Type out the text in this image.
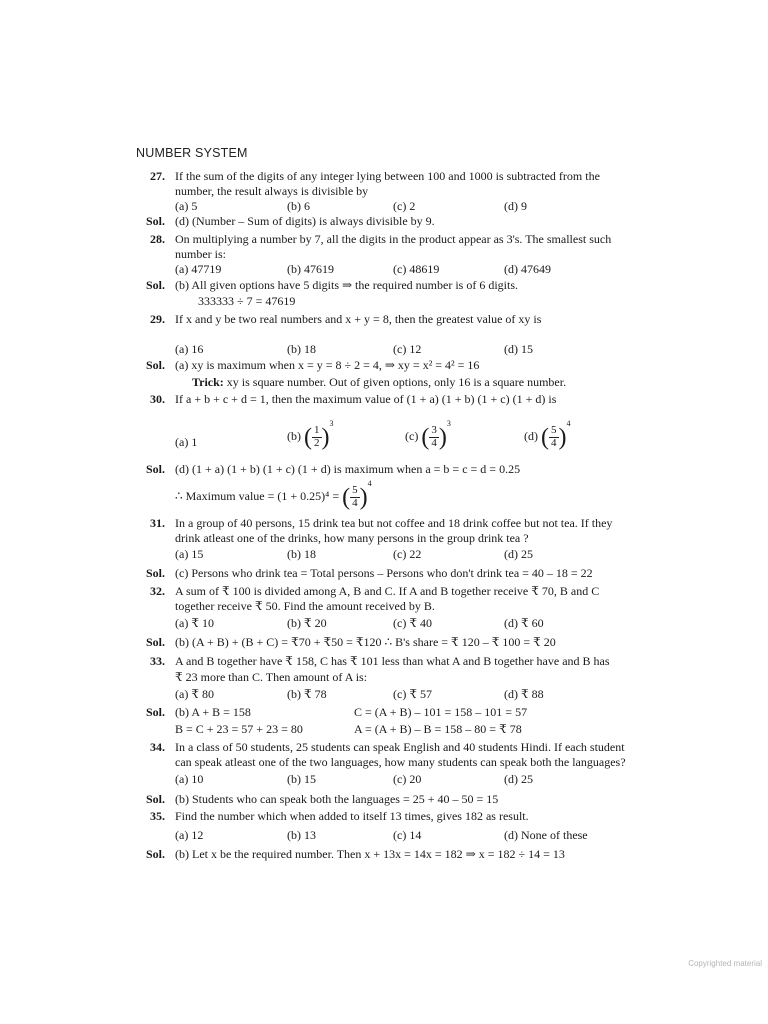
NUMBER SYSTEM
27. If the sum of the digits of any integer lying between 100 and 1000 is subtracted from the
number, the result always is divisible by
(a) 5	(b) 6	(c) 2	(d) 9
Sol. (d) (Number – Sum of digits) is always divisible by 9.
28. On multiplying a number by 7, all the digits in the product appear as 3's. The smallest such
number is:
(a) 47719	(b) 47619	(c) 48619	(d) 47649
Sol. (b) All given options have 5 digits ⇒ the required number is of 6 digits.
333333 ÷ 7 = 47619
29. If x and y be two real numbers and x + y = 8, then the greatest value of xy is
(a) 16	(b) 18	(c) 12	(d) 15
Sol. (a) xy is maximum when x = y = 8 ÷ 2 = 4, ⇒ xy = x² = 4² = 16
Trick: xy is square number. Out of given options, only 16 is a square number.
30. If a + b + c + d = 1, then the maximum value of (1 + a) (1 + b) (1 + c) (1 + d) is
(a) 1	(b) ( $\frac{1}{2} )^3$
(c) ( $\frac{3}{4} )^3$
(d) ( $\frac{5}{4} )^4$
Sol. (d) (1 + a) (1 + b) (1 + c) (1 + d) is maximum when a = b = c = d = 0.25
∴ Maximum value = (1 + 0.25)⁴ = ( $\frac{5}{4} )^4$
31. In a group of 40 persons, 15 drink tea but not coffee and 18 drink coffee but not tea. If they
drink atleast one of the drinks, how many persons in the group drink tea ?
(a) 15	(b) 18	(c) 22	(d) 25
Sol. (c) Persons who drink tea = Total persons – Persons who don't drink tea = 40 – 18 = 22
32. A sum of ₹ 100 is divided among A, B and C. If A and B together receive ₹ 70, B and C
together receive ₹ 50. Find the amount received by B.
(a) ₹ 10	(b) ₹ 20	(c) ₹ 40	(d) ₹ 60
Sol. (b) (A + B) + (B + C) = ₹70 + ₹50 = ₹120 ∴ B's share = ₹ 120 – ₹ 100 = ₹ 20
33. A and B together have ₹ 158, C has ₹ 101 less than what A and B together have and B has
₹ 23 more than C. Then amount of A is:
(a) ₹ 80	(b) ₹ 78	(c) ₹ 57	(d) ₹ 88
Sol. (b) A + B = 158	C = (A + B) – 101 = 158 – 101 = 57
B = C + 23 = 57 + 23 = 80	A = (A + B) – B = 158 – 80 = ₹ 78
34. In a class of 50 students, 25 students can speak English and 40 students Hindi. If each student
can speak atleast one of the two languages, how many students can speak both the languages?
(a) 10	(b) 15	(c) 20	(d) 25
Sol. (b) Students who can speak both the languages = 25 + 40 – 50 = 15
35. Find the number which when added to itself 13 times, gives 182 as result.
(a) 12	(b) 13	(c) 14	(d) None of these
Sol. (b) Let x be the required number. Then x + 13x = 14x = 182 ⇒ x = 182 ÷ 14 = 13
Copyrighted material
